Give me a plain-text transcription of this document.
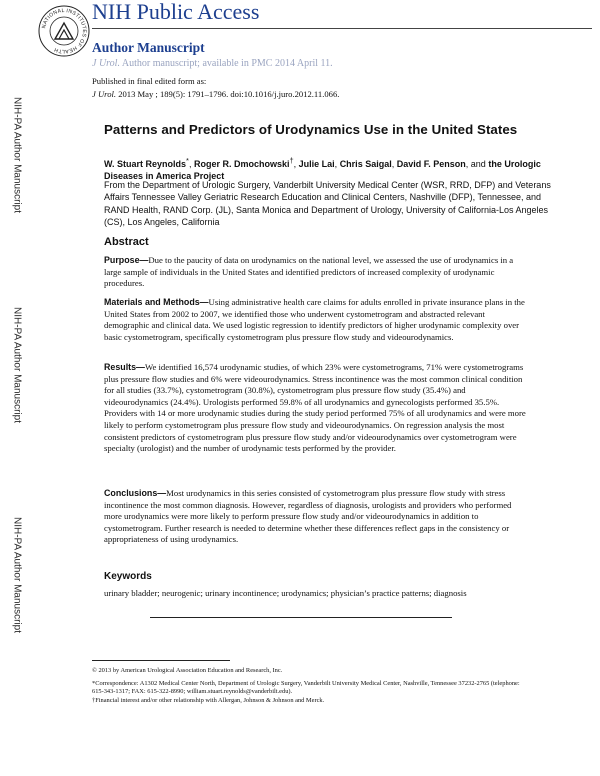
NATIONAL INSTITUTES OF HEALTH
NIH Public Access
Author Manuscript
J Urol. Author manuscript; available in PMC 2014 April 11.
Published in final edited form as:
J Urol. 2013 May ; 189(5): 1791–1796. doi:10.1016/j.juro.2012.11.066.
NIH-PA Author Manuscript
NIH-PA Author Manuscript
NIH-PA Author Manuscript
Patterns and Predictors of Urodynamics Use in the United States
W. Stuart Reynolds*, Roger R. Dmochowski†, Julie Lai, Chris Saigal, David F. Penson, and the Urologic Diseases in America Project
From the Department of Urologic Surgery, Vanderbilt University Medical Center (WSR, RRD, DFP) and Veterans Affairs Tennessee Valley Geriatric Research Education and Clinical Centers, Nashville (DFP), Tennessee, and RAND Health, RAND Corp. (JL), Santa Monica and Department of Urology, University of California-Los Angeles (CS), Los Angeles, California
Abstract
Purpose—Due to the paucity of data on urodynamics on the national level, we assessed the use of urodynamics in a large sample of individuals in the United States and identified predictors of increased complexity of urodynamic procedures.
Materials and Methods—Using administrative health care claims for adults enrolled in private insurance plans in the United States from 2002 to 2007, we identified those who underwent cystometrogram and abstracted relevant demographic and clinical data. We used logistic regression to identify predictors of higher urodynamic complexity over basic cystometrogram, specifically cystometrogram plus pressure flow study and videourodynamics.
Results—We identified 16,574 urodynamic studies, of which 23% were cystometrograms, 71% were cystometrograms plus pressure flow studies and 6% were videourodynamics. Stress incontinence was the most common clinical condition for all studies (33.7%), cystometrogram (30.8%), cystometrogram plus pressure flow study (35.4%) and videourodynamics (24.4%). Urologists performed 59.8% of all urodynamics and gynecologists performed 35.5%. Providers with 14 or more urodynamic studies during the study period performed 75% of all urodynamics and were more likely to perform cystometrogram plus pressure flow study and videourodynamics. On regression analysis the most consistent predictors of cystometrogram plus pressure flow study and/or videourodynamics over cystometrogram were specialty (urologist) and the number of urodynamic tests performed by the provider.
Conclusions—Most urodynamics in this series consisted of cystometrogram plus pressure flow study with stress incontinence the most common diagnosis. However, regardless of diagnosis, urologists and providers who performed more urodynamics were more likely to perform pressure flow study and/or videourodynamics in addition to cystometrogram. Further research is needed to determine whether these differences reflect gaps in the consistency or appropriateness of using urodynamics.
Keywords
urinary bladder; neurogenic; urinary incontinence; urodynamics; physician’s practice patterns; diagnosis
© 2013 by American Urological Association Education and Research, Inc.
*Correspondence: A1302 Medical Center North, Department of Urologic Surgery, Vanderbilt University Medical Center, Nashville, Tennessee 37232-2765 (telephone: 615-343-1317; FAX: 615-322-8990; william.stuart.reynolds@vanderbilt.edu).
†Financial interest and/or other relationship with Allergan, Johnson & Johnson and Merck.
